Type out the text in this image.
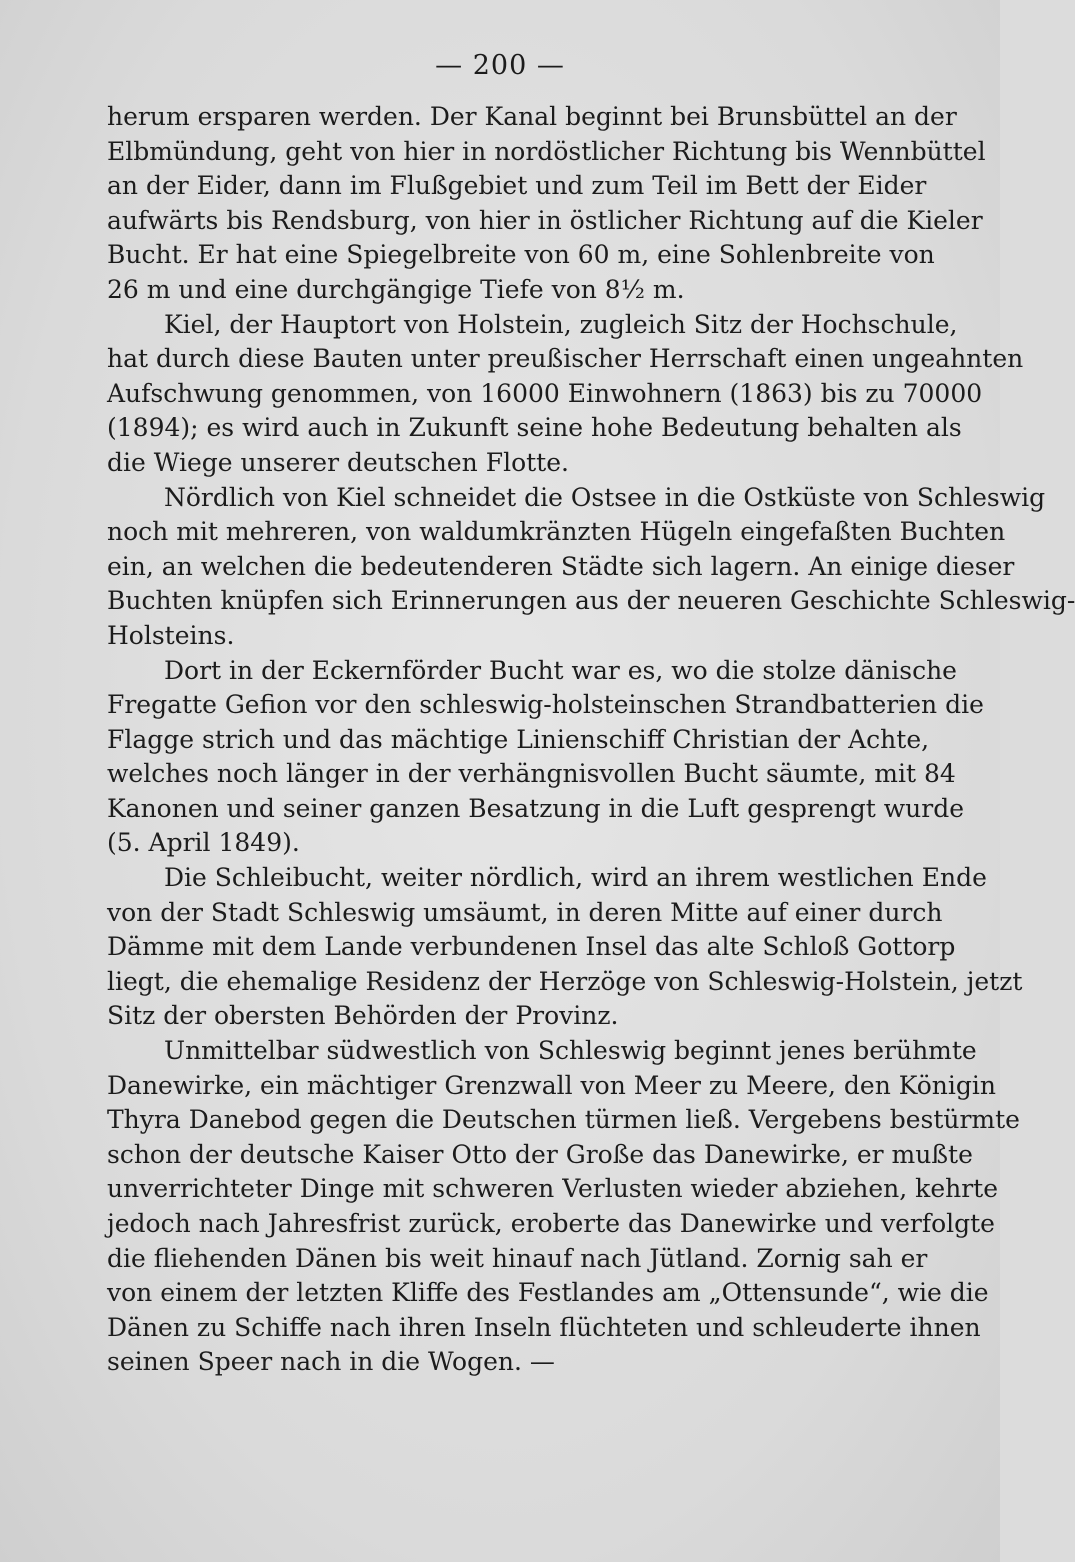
— 200 —

herum ersparen werden. Der Kanal beginnt bei Brunsbüttel an der
Elbmündung, geht von hier in nordöstlicher Richtung bis Wennbüttel
an der Eider, dann im Flußgebiet und zum Teil im Bett der Eider
aufwärts bis Rendsburg, von hier in östlicher Richtung auf die Kieler
Bucht. Er hat eine Spiegelbreite von 60 m, eine Sohlenbreite von
26 m und eine durchgängige Tiefe von 8½ m.

Kiel, der Hauptort von Holstein, zugleich Sitz der Hochschule,
hat durch diese Bauten unter preußischer Herrschaft einen ungeahnten
Aufschwung genommen, von 16000 Einwohnern (1863) bis zu 70000
(1894); es wird auch in Zukunft seine hohe Bedeutung behalten als
die Wiege unserer deutschen Flotte.

Nördlich von Kiel schneidet die Ostsee in die Ostküste von Schleswig
noch mit mehreren, von waldumkränzten Hügeln eingefaßten Buchten
ein, an welchen die bedeutenderen Städte sich lagern. An einige dieser
Buchten knüpfen sich Erinnerungen aus der neueren Geschichte Schleswig-
Holsteins.

Dort in der Eckernförder Bucht war es, wo die stolze dänische
Fregatte Gefion vor den schleswig-holsteinschen Strandbatterien die
Flagge strich und das mächtige Linienschiff Christian der Achte,
welches noch länger in der verhängnisvollen Bucht säumte, mit 84
Kanonen und seiner ganzen Besatzung in die Luft gesprengt wurde
(5. April 1849).

Die Schleibucht, weiter nördlich, wird an ihrem westlichen Ende
von der Stadt Schleswig umsäumt, in deren Mitte auf einer durch
Dämme mit dem Lande verbundenen Insel das alte Schloß Gottorp
liegt, die ehemalige Residenz der Herzöge von Schleswig-Holstein, jetzt
Sitz der obersten Behörden der Provinz.

Unmittelbar südwestlich von Schleswig beginnt jenes berühmte
Danewirke, ein mächtiger Grenzwall von Meer zu Meere, den Königin
Thyra Danebod gegen die Deutschen türmen ließ. Vergebens bestürmte
schon der deutsche Kaiser Otto der Große das Danewirke, er mußte
unverrichteter Dinge mit schweren Verlusten wieder abziehen, kehrte
jedoch nach Jahresfrist zurück, eroberte das Danewirke und verfolgte
die fliehenden Dänen bis weit hinauf nach Jütland. Zornig sah er
von einem der letzten Kliffe des Festlandes am „Ottensunde“, wie die
Dänen zu Schiffe nach ihren Inseln flüchteten und schleuderte ihnen
seinen Speer nach in die Wogen. —
